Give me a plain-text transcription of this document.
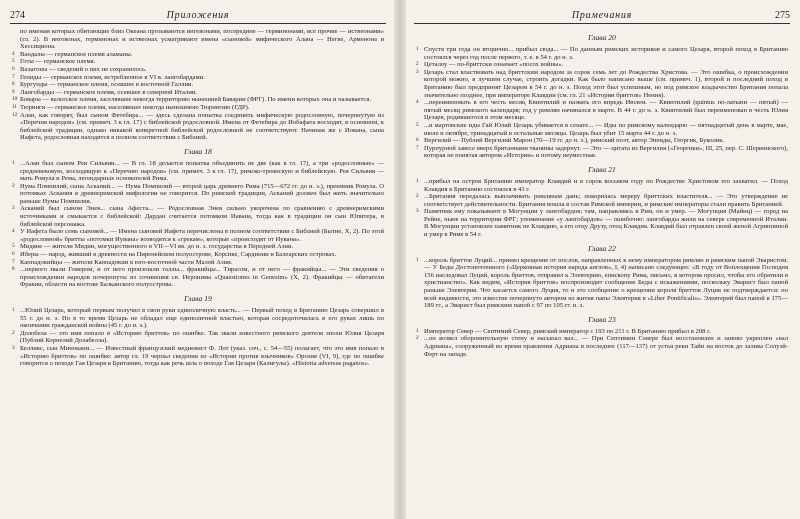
274	Приложения

по именам которых обитающие близ Океана прозываются ингевонами, посередине — герминонами, все прочие — иствеонами» (гл. 2). В ингевонах, герминонах и иствеонах усматривают имена «сыновей» мифического Алана — Негве, Арменона и Хессициона.

4 Вандалы — германское племя аламаны.

5 Готы — германское племя.

6 Валагоны — сведений о них не сохранилось.

7 Гепиды — германское племя, истребленное в VI в. лангобардами.

8 Бургунды — германское племя, осевшее в восточной Галлии.

9 Лангобарды — германское племя, осевшее в северной Италии.

10 Бовары — кельтское племя, заселявшее некогда территорию нынешней Баварии (ФРГ). По имени которых она и называется.

11 Тюринги — германское племя, населявшее некогда нынешнюю Тюрингию (ГДР).

12 Алан, как говорят, был сыном Фетебира... — здесь сделана попытка соединить мифическую родословную, почерпнутую из «Перечня народов» (см. примеч. 3 к гл. 17) с библейской родословной. Имена от Фетебира до Иобафата восходят, в основном, к библейской традиции, однако никакой конкретной библейской родословной не соответствуют. Начиная же с Иована, сына Иафета, родословная находится в полном соответствии с Библией.

Глава 18

1 ...Алан был сыном Реи Сильвии... — В гл. 18 делается попытка объединить не две (как в гл. 17), а три «родословные» — средневековую, восходящую к «Перечню народов» (см. примеч. 3 к гл. 17), римско-троянскую и библейскую. Рея Сильвия — мать Ромула и Рема, легендарных основателей Рима.

2 Нума Помпилий, сына Асканий... — Нума Помпилий — второй царь древнего Рима (715—672 гг. до н. э.), преемник Ромула. О потомках Аскания в древнеримской мифологии не говорится. По римской традиции, Асканий должен был жить значительно раньше Нумы Помпилия.

3 Асканий был сыном Энея... сына Афеста... — Родословная Энея сильно укорочена по сравнению с древнеримскими источниками и смыкается с библейской: Дардан считается потомком Иавана, тогда как в традиции он сын Юпитера, в библейской персонажа.

4 У Иафета было семь сыновей... — Имена сыновей Иафета перечислены в полном соответствии с Библией (Бытие, X, 2). По этой «родословной» бритты «потомки Иувана» возводятся к «грекам», которые «происходят от Иувана».

5 Мидяне — жители Мидии, могущественного в VII—VI вв. до н. э. государства в Передней Азии.

6 Иберы — народ, живший в древности на Пиренейском полуострове, Корсике, Сардинии и Балеарских островах.

7 Каппадокийцы — жители Каппадокии в юго-восточной части Малой Азии.

8 ...первого звали Гомером, и от него произошли галлы... фракийцы... Тирасом, и от него — фракийцы... — Эти сведения о происхождении народов почерпнуты из сочинения св. Иеронима «Quaestiones in Genesim» (X, 2). Фракийцы — обитатели Фракии, области на востоке Балканского полуострова.

Глава 19

1 ...Юлий Цезарь, который первым получил в свои руки единоличную власть... — Первый поход в Британию Цезарь совершил в 55 г. до н. э. Но в то время Цезарь не обладал еще единоличной властью, которая сосредоточилась в его руках лишь по окончании гражданской войны (45 г. до н. э.).

2 Долобела — это имя попало в «Историю бриттов» по ошибке. Так звали известного римского деятеля эпохи Юлия Цезаря (Публий Корнелий Долабелла).

3 Белликс, сын Минокани... — Известный французский медиевист Ф. Лот (указ. соч., с. 54—55) полагает, что это имя попало в «Историю бриттов» по ошибке: автор гл. 19 черпал сведения из «Истории против язычников» Орозия (VI, 9), где по ошибке говорится о походе Гая Цезаря в Британию, тогда как речь шла о походе Гая Цезаря (Калигулы). «Historia adversus paganos».

Примечания	275
Глава 20

1 Спустя три года он вторично... прибыл сюда... — По данным римских историков и самого Цезаря, второй поход в Британию состоялся через год после первого, т. е. в 54 г. до н. э.

2 Цеталоу — по-бриттски означает «посох войны».

3 Цезарь стал властвовать над бриттским народом за сорок семь лет до Рождества Христова. — Это ошибка, о происхождении которой можно, в лучшем случае, строить догадки. Как было написано выше (см. примеч. 1), второй и последний поход в Британию был предпринят Цезарем в 54 г. до н. э. Поход этот был успешным, но под римское владычество Британия попала значительно позднее, при императоре Клавдии (см. гл. 21 «Истории бриттов» Нения).

4 ...переименовать в его честь месяц Квинтилий и назвать его впредь Июлем. — Квинтилий (quintus по-латыни — пятый) — пятый месяц римского календаря; год у римлян начинался в марте. В 44 г. до н. э. Квинтилий был переименован в честь Юлия Цезаря, родившегося в этом месяце.

5 ...и мартовские иды Гай Юлий Цезарь убивается в сенате... — Иды по римскому календарю — пятнадцатый день в марте, мае, июле и октябре, тринадцатый в остальные месяцы. Цезарь был убит 15 марта 44 г. до н. э.

6 Вергилий — Публий Вергилий Марон (70—19 гг. до н. э.), римский поэт, автор Энеиды, Георгик, Буколик.

7 Пурпурной завесе вверх британнами тканины задернут. — Это — цитата из Вергилия («Георгики», III, 25, пер. С. Шервинского), которая не понятая автором «Истории» и потому неуместная.

Глава 21

1 ...прибыл на остров Британию император Клавдий и в сорок восьмом году по Рождестве Христовом его захватил. — Поход Клавдия в Британию состоялся в 43 г.

2 ...Британия передалась выплачивать римлянам дань; покорилась мереру бриттских властителя... — Это утверждение не соответствует действительности. Британия вошла в состав Римской империи, и римские императоры стали править Британией.

3 Памятник ему показывают в Могунции у лангобардов; там, направляясь в Рим, он и умер. — Могунция (Майнц) — город на Рейне, ныне на территории ФРГ; упоминание «у лангобардов» — ошибочно: лангобарды жили на севере современной Италии. В Могунции установлен памятник не Клавдию, а его отцу Друзу, отец Клавдия. Клавдий был отравлен своей женой Агриппиной и умер в Риме в 54 г.

Глава 22

1 ...король бриттов Луций... принял крещение от послов, направленных к нему императором римлян и римским папой Эваристом. — У Беды Достопочтенного («Церковная история народа англов», I, 4) написано следующее: «В году от Воплощения Господня 156 наследовал Луций, король бриттов, отправил к Элевтерию, епископу Рима, письмо, в котором просил, чтобы его обратили в христианство». Как видим, «История бриттов» воспроизводит сообщение Беды с искажениями, поскольку Эварист был папой раньше Элевтерия. Что касается самого Луция, то и это сообщение о крещении короля бриттов Луция не подтверждается: по всей видимости, это известие почерпнуто автором из жития папы Элевтерия в «Liber Pontificalis». Элевтерий был папой в 175—189 гг., а Эварист был римским папой с 97 по 105 гг. н. э.

Глава 23

1 Император Север — Септимий Север, римский император с 193 по 211 г. В Британию прибыл в 208 г.

2 ...он возвел оборонительную стену и насыпал вал... — При Септимии Севере был восстановлен и заново укреплен «вал Адриана», сооруженный во время правления Адриана в последнее (117—137) от устья реки Тайн на восток до залива Солуэй-Ферт на западе.
